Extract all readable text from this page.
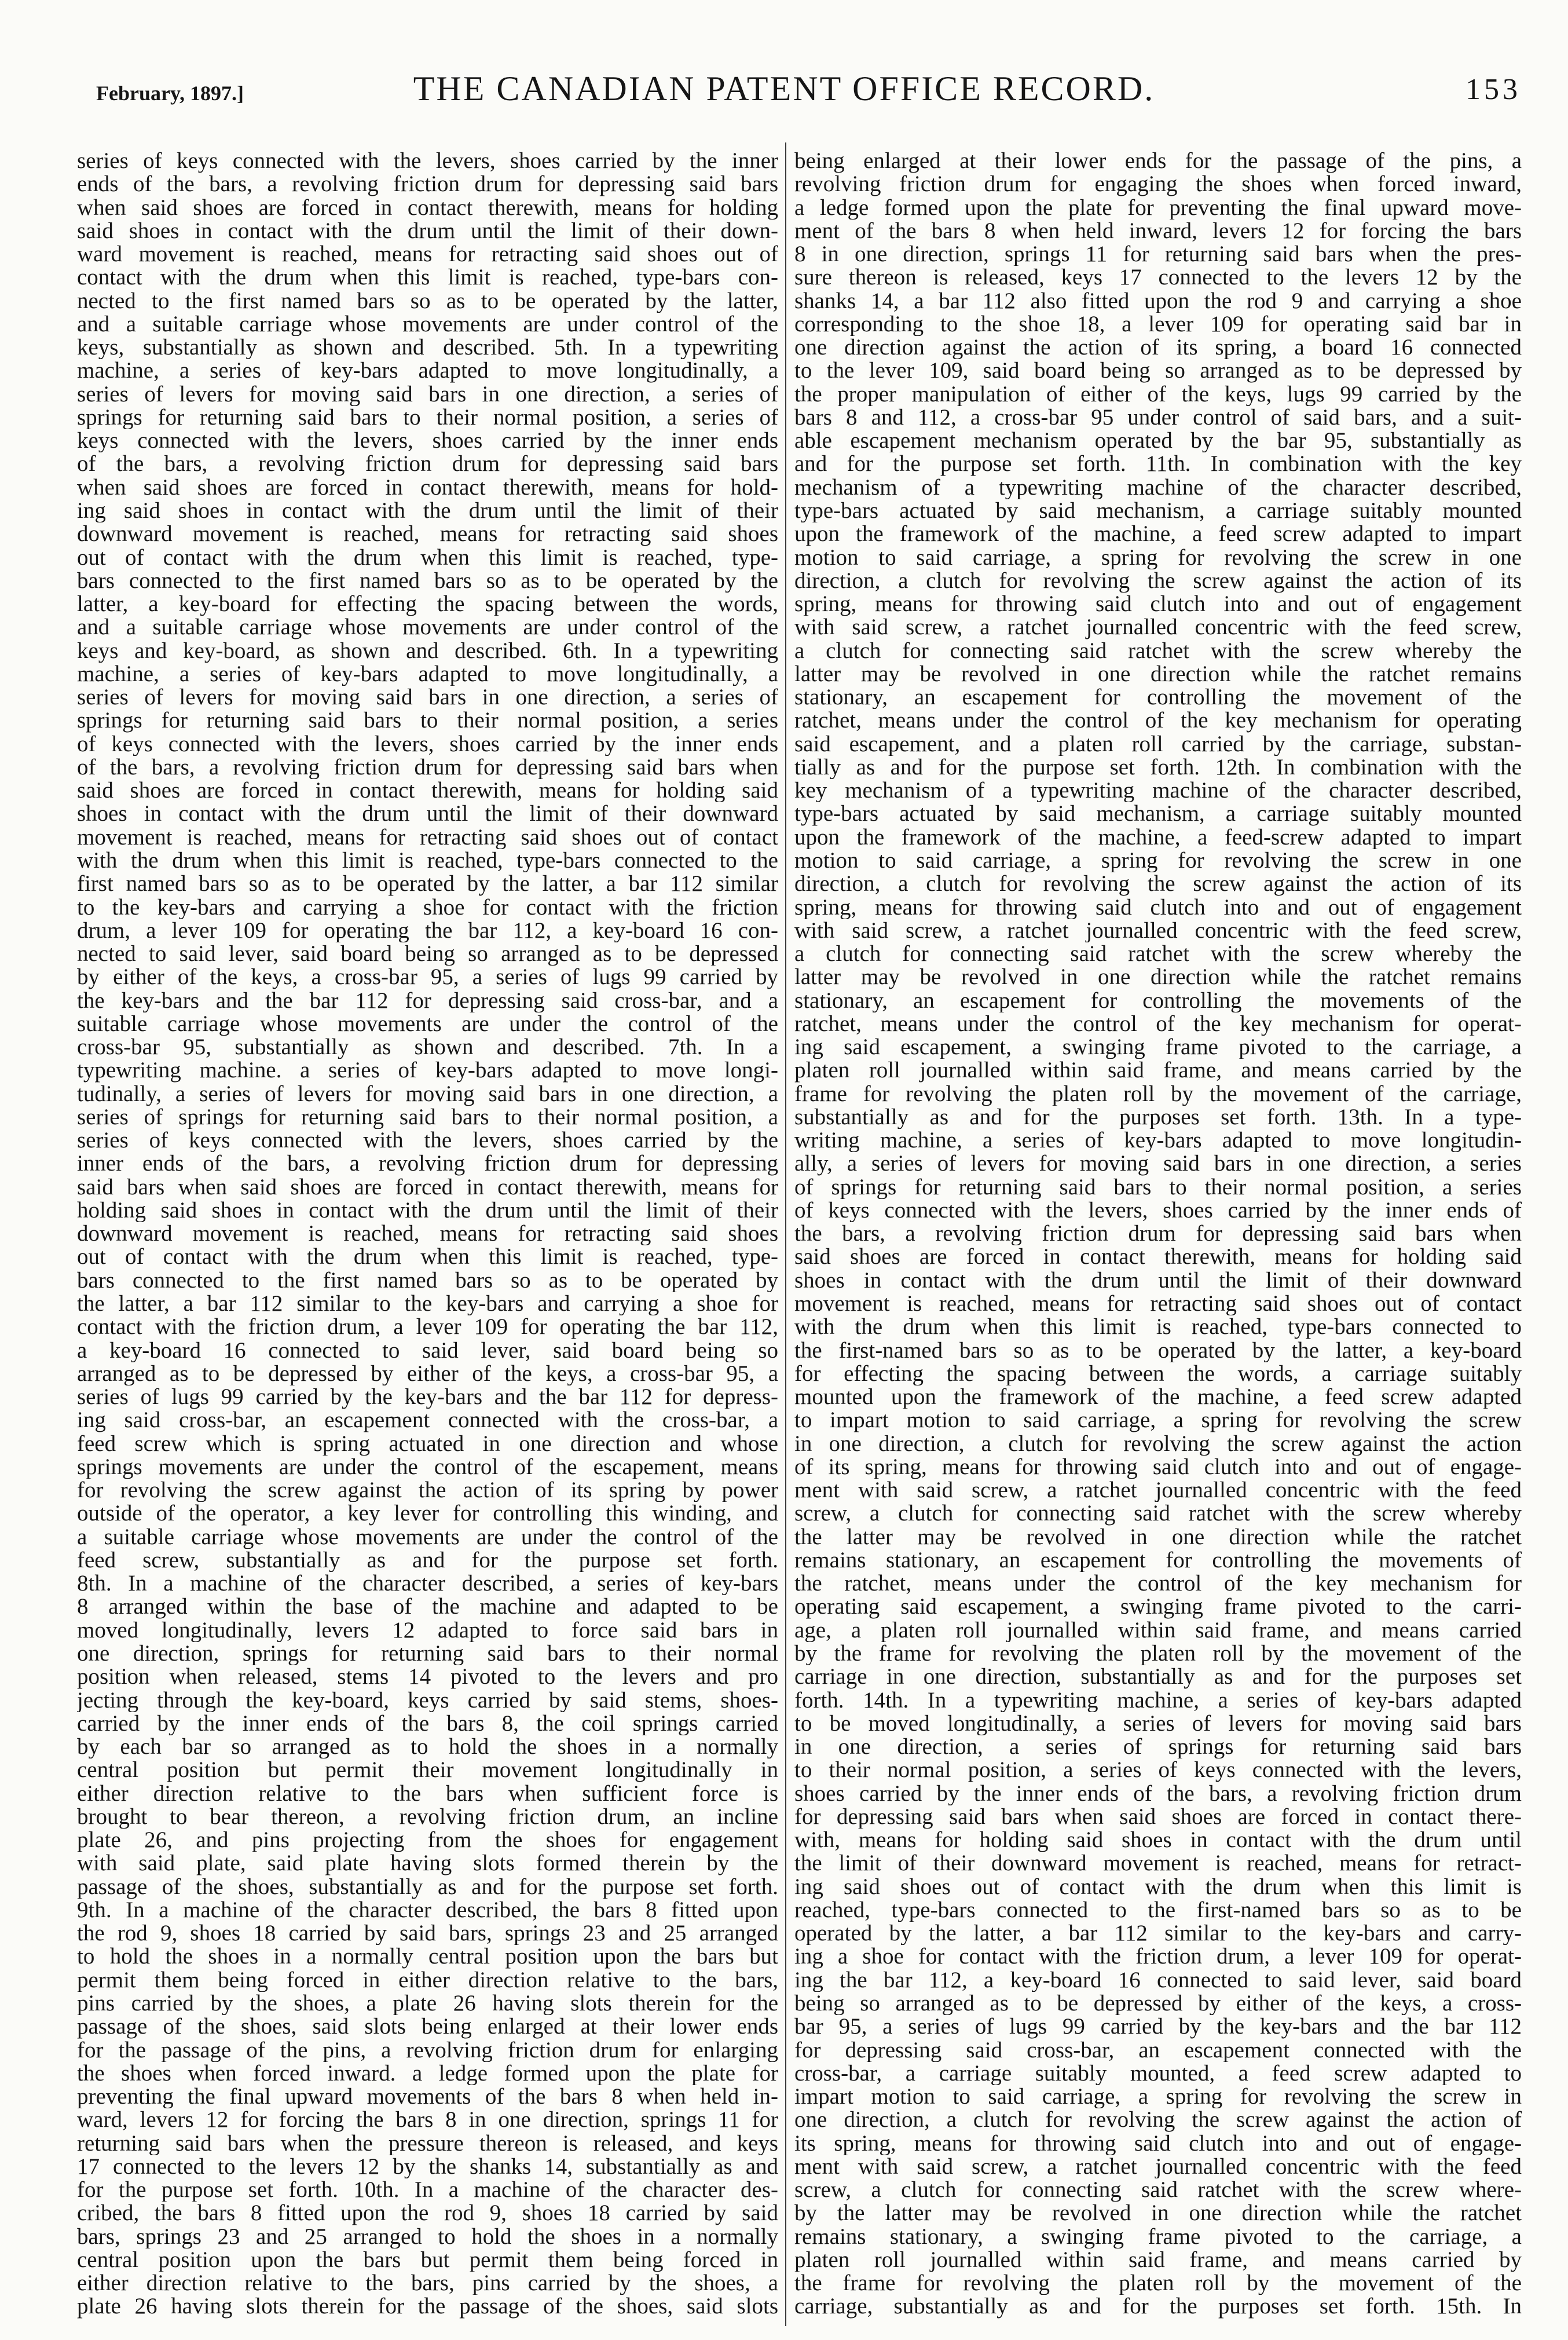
February, 1897.]	THE CANADIAN PATENT OFFICE RECORD.	153
series of keys connected with the levers, shoes carried by the inner
ends of the bars, a revolving friction drum for depressing said bars
when said shoes are forced in contact therewith, means for holding
said shoes in contact with the drum until the limit of their down-
ward movement is reached, means for retracting said shoes out of
contact with the drum when this limit is reached, type-bars con-
nected to the first named bars so as to be operated by the latter,
and a suitable carriage whose movements are under control of the
keys, substantially as shown and described. 5th. In a typewriting
machine, a series of key-bars adapted to move longitudinally, a
series of levers for moving said bars in one direction, a series of
springs for returning said bars to their normal position, a series of
keys connected with the levers, shoes carried by the inner ends
of the bars, a revolving friction drum for depressing said bars
when said shoes are forced in contact therewith, means for hold-
ing said shoes in contact with the drum until the limit of their
downward movement is reached, means for retracting said shoes
out of contact with the drum when this limit is reached, type-
bars connected to the first named bars so as to be operated by the
latter, a key-board for effecting the spacing between the words,
and a suitable carriage whose movements are under control of the
keys and key-board, as shown and described. 6th. In a typewriting
machine, a series of key-bars adapted to move longitudinally, a
series of levers for moving said bars in one direction, a series of
springs for returning said bars to their normal position, a series
of keys connected with the levers, shoes carried by the inner ends
of the bars, a revolving friction drum for depressing said bars when
said shoes are forced in contact therewith, means for holding said
shoes in contact with the drum until the limit of their downward
movement is reached, means for retracting said shoes out of contact
with the drum when this limit is reached, type-bars connected to the
first named bars so as to be operated by the latter, a bar 112 similar
to the key-bars and carrying a shoe for contact with the friction
drum, a lever 109 for operating the bar 112, a key-board 16 con-
nected to said lever, said board being so arranged as to be depressed
by either of the keys, a cross-bar 95, a series of lugs 99 carried by
the key-bars and the bar 112 for depressing said cross-bar, and a
suitable carriage whose movements are under the control of the
cross-bar 95, substantially as shown and described. 7th. In a
typewriting machine. a series of key-bars adapted to move longi-
tudinally, a series of levers for moving said bars in one direction, a
series of springs for returning said bars to their normal position, a
series of keys connected with the levers, shoes carried by the
inner ends of the bars, a revolving friction drum for depressing
said bars when said shoes are forced in contact therewith, means for
holding said shoes in contact with the drum until the limit of their
downward movement is reached, means for retracting said shoes
out of contact with the drum when this limit is reached, type-
bars connected to the first named bars so as to be operated by
the latter, a bar 112 similar to the key-bars and carrying a shoe for
contact with the friction drum, a lever 109 for operating the bar 112,
a key-board 16 connected to said lever, said board being so
arranged as to be depressed by either of the keys, a cross-bar 95, a
series of lugs 99 carried by the key-bars and the bar 112 for depress-
ing said cross-bar, an escapement connected with the cross-bar, a
feed screw which is spring actuated in one direction and whose
springs movements are under the control of the escapement, means
for revolving the screw against the action of its spring by power
outside of the operator, a key lever for controlling this winding, and
a suitable carriage whose movements are under the control of the
feed screw, substantially as and for the purpose set forth.
8th. In a machine of the character described, a series of key-bars
8 arranged within the base of the machine and adapted to be
moved longitudinally, levers 12 adapted to force said bars in
one direction, springs for returning said bars to their normal
position when released, stems 14 pivoted to the levers and pro
jecting through the key-board, keys carried by said stems, shoes-
carried by the inner ends of the bars 8, the coil springs carried
by each bar so arranged as to hold the shoes in a normally
central position but permit their movement longitudinally in
either direction relative to the bars when sufficient force is
brought to bear thereon, a revolving friction drum, an incline
plate 26, and pins projecting from the shoes for engagement
with said plate, said plate having slots formed therein by the
passage of the shoes, substantially as and for the purpose set forth.
9th. In a machine of the character described, the bars 8 fitted upon
the rod 9, shoes 18 carried by said bars, springs 23 and 25 arranged
to hold the shoes in a normally central position upon the bars but
permit them being forced in either direction relative to the bars,
pins carried by the shoes, a plate 26 having slots therein for the
passage of the shoes, said slots being enlarged at their lower ends
for the passage of the pins, a revolving friction drum for enlarging
the shoes when forced inward. a ledge formed upon the plate for
preventing the final upward movements of the bars 8 when held in-
ward, levers 12 for forcing the bars 8 in one direction, springs 11 for
returning said bars when the pressure thereon is released, and keys
17 connected to the levers 12 by the shanks 14, substantially as and
for the purpose set forth. 10th. In a machine of the character des-
cribed, the bars 8 fitted upon the rod 9, shoes 18 carried by said
bars, springs 23 and 25 arranged to hold the shoes in a normally
central position upon the bars but permit them being forced in
either direction relative to the bars, pins carried by the shoes, a
plate 26 having slots therein for the passage of the shoes, said slots
being enlarged at their lower ends for the passage of the pins, a
revolving friction drum for engaging the shoes when forced inward,
a ledge formed upon the plate for preventing the final upward move-
ment of the bars 8 when held inward, levers 12 for forcing the bars
8 in one direction, springs 11 for returning said bars when the pres-
sure thereon is released, keys 17 connected to the levers 12 by the
shanks 14, a bar 112 also fitted upon the rod 9 and carrying a shoe
corresponding to the shoe 18, a lever 109 for operating said bar in
one direction against the action of its spring, a board 16 connected
to the lever 109, said board being so arranged as to be depressed by
the proper manipulation of either of the keys, lugs 99 carried by the
bars 8 and 112, a cross-bar 95 under control of said bars, and a suit-
able escapement mechanism operated by the bar 95, substantially as
and for the purpose set forth. 11th. In combination with the key
mechanism of a typewriting machine of the character described,
type-bars actuated by said mechanism, a carriage suitably mounted
upon the framework of the machine, a feed screw adapted to impart
motion to said carriage, a spring for revolving the screw in one
direction, a clutch for revolving the screw against the action of its
spring, means for throwing said clutch into and out of engagement
with said screw, a ratchet journalled concentric with the feed screw,
a clutch for connecting said ratchet with the screw whereby the
latter may be revolved in one direction while the ratchet remains
stationary, an escapement for controlling the movement of the
ratchet, means under the control of the key mechanism for operating
said escapement, and a platen roll carried by the carriage, substan-
tially as and for the purpose set forth. 12th. In combination with the
key mechanism of a typewriting machine of the character described,
type-bars actuated by said mechanism, a carriage suitably mounted
upon the framework of the machine, a feed-screw adapted to impart
motion to said carriage, a spring for revolving the screw in one
direction, a clutch for revolving the screw against the action of its
spring, means for throwing said clutch into and out of engagement
with said screw, a ratchet journalled concentric with the feed screw,
a clutch for connecting said ratchet with the screw whereby the
latter may be revolved in one direction while the ratchet remains
stationary, an escapement for controlling the movements of the
ratchet, means under the control of the key mechanism for operat-
ing said escapement, a swinging frame pivoted to the carriage, a
platen roll journalled within said frame, and means carried by the
frame for revolving the platen roll by the movement of the carriage,
substantially as and for the purposes set forth. 13th. In a type-
writing machine, a series of key-bars adapted to move longitudin-
ally, a series of levers for moving said bars in one direction, a series
of springs for returning said bars to their normal position, a series
of keys connected with the levers, shoes carried by the inner ends of
the bars, a revolving friction drum for depressing said bars when
said shoes are forced in contact therewith, means for holding said
shoes in contact with the drum until the limit of their downward
movement is reached, means for retracting said shoes out of contact
with the drum when this limit is reached, type-bars connected to
the first-named bars so as to be operated by the latter, a key-board
for effecting the spacing between the words, a carriage suitably
mounted upon the framework of the machine, a feed screw adapted
to impart motion to said carriage, a spring for revolving the screw
in one direction, a clutch for revolving the screw against the action
of its spring, means for throwing said clutch into and out of engage-
ment with said screw, a ratchet journalled concentric with the feed
screw, a clutch for connecting said ratchet with the screw whereby
the latter may be revolved in one direction while the ratchet
remains stationary, an escapement for controlling the movements of
the ratchet, means under the control of the key mechanism for
operating said escapement, a swinging frame pivoted to the carri-
age, a platen roll journalled within said frame, and means carried
by the frame for revolving the platen roll by the movement of the
carriage in one direction, substantially as and for the purposes set
forth. 14th. In a typewriting machine, a series of key-bars adapted
to be moved longitudinally, a series of levers for moving said bars
in one direction, a series of springs for returning said bars
to their normal position, a series of keys connected with the levers,
shoes carried by the inner ends of the bars, a revolving friction drum
for depressing said bars when said shoes are forced in contact there-
with, means for holding said shoes in contact with the drum until
the limit of their downward movement is reached, means for retract-
ing said shoes out of contact with the drum when this limit is
reached, type-bars connected to the first-named bars so as to be
operated by the latter, a bar 112 similar to the key-bars and carry-
ing a shoe for contact with the friction drum, a lever 109 for operat-
ing the bar 112, a key-board 16 connected to said lever, said board
being so arranged as to be depressed by either of the keys, a cross-
bar 95, a series of lugs 99 carried by the key-bars and the bar 112
for depressing said cross-bar, an escapement connected with the
cross-bar, a carriage suitably mounted, a feed screw adapted to
impart motion to said carriage, a spring for revolving the screw in
one direction, a clutch for revolving the screw against the action of
its spring, means for throwing said clutch into and out of engage-
ment with said screw, a ratchet journalled concentric with the feed
screw, a clutch for connecting said ratchet with the screw where-
by the latter may be revolved in one direction while the ratchet
remains stationary, a swinging frame pivoted to the carriage, a
platen roll journalled within said frame, and means carried by
the frame for revolving the platen roll by the movement of the
carriage, substantially as and for the purposes set forth. 15th. In
